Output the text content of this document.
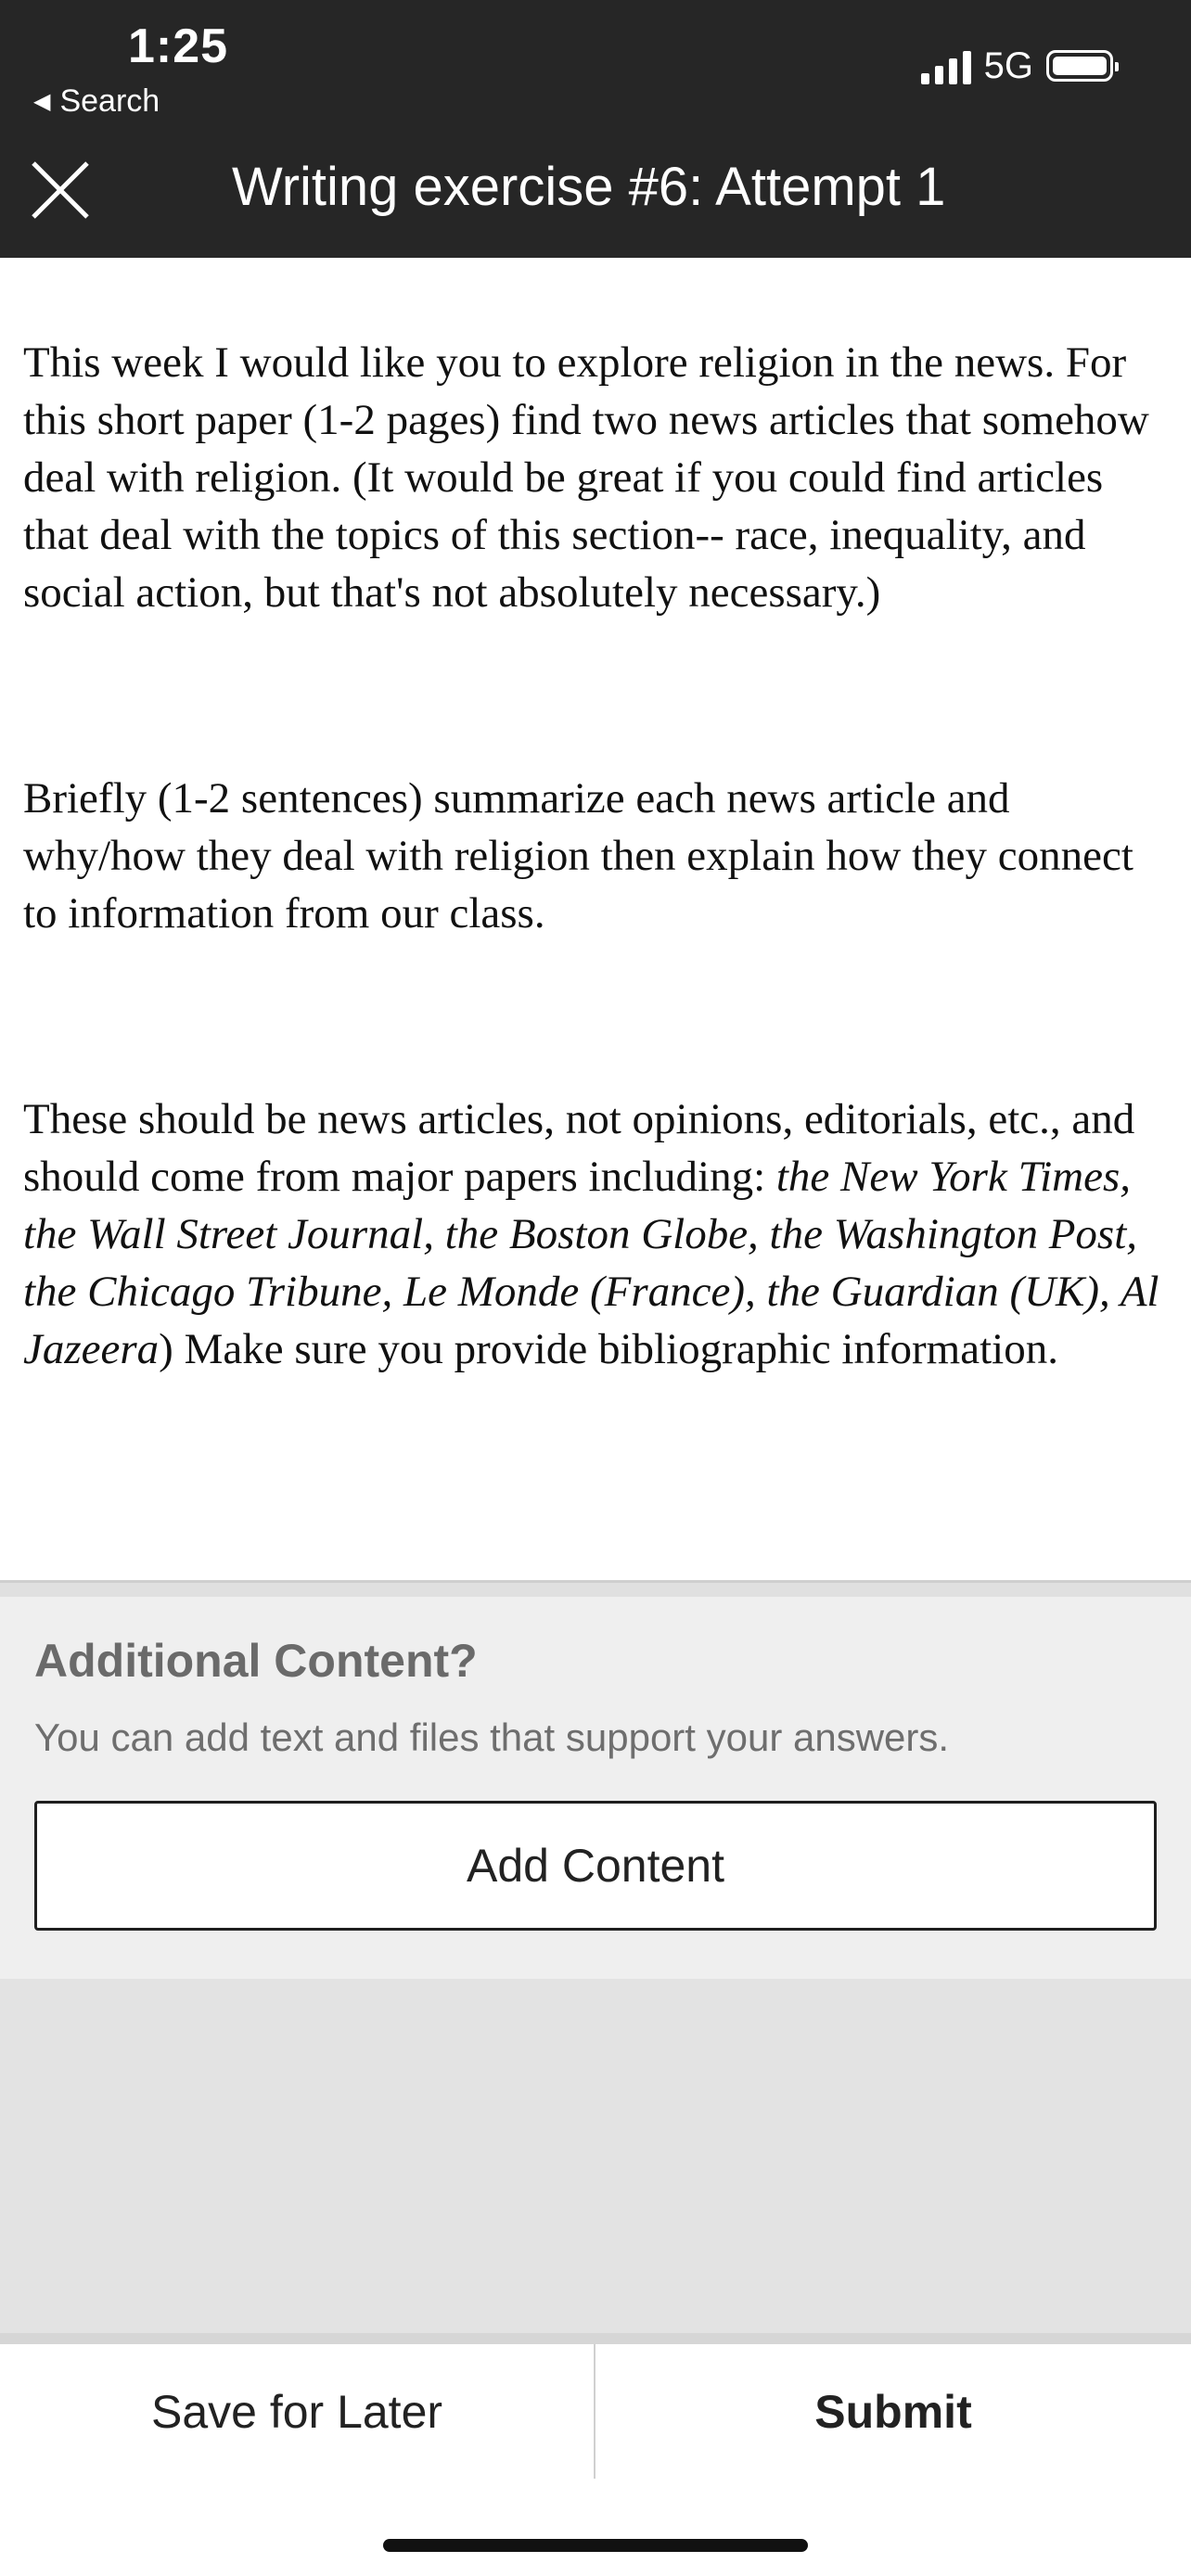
1:25
◀ Search
5G
Writing exercise #6: Attempt 1

This week I would like you to explore religion in the news. For this short paper (1-2 pages) find two news articles that somehow deal with religion. (It would be great if you could find articles that deal with the topics of this section-- race, inequality, and social action, but that's not absolutely necessary.)

Briefly (1-2 sentences) summarize each news article and why/how they deal with religion then explain how they connect to information from our class.

These should be news articles, not opinions, editorials, etc., and should come from major papers including: the New York Times, the Wall Street Journal, the Boston Globe, the Washington Post, the Chicago Tribune, Le Monde (France), the Guardian (UK), Al Jazeera) Make sure you provide bibliographic information.

Additional Content?
You can add text and files that support your answers.
Add Content
Save for Later	Submit
